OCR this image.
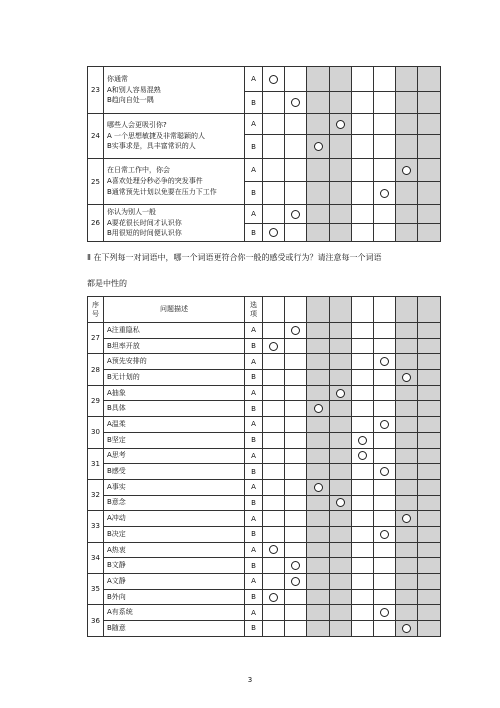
23	你通常
A和别人容易混熟
B趋向自处一隅	A								
		B								
24	哪些人会更吸引你?
A 一个思想敏捷及非常聪颖的人
B实事求是，具丰富常识的人	A								
		B								
25	在日常工作中，你会
A喜欢处理分秒必争的突发事件
B通常预先计划以免要在压力下工作	A								
		B								
26	你认为别人一般
A要花很长时间才认识你
B用很短的时间便认识你	A								
		B								
Ⅱ 在下列每一对词语中，哪一个词语更符合你一般的感受或行为？请注意每一个词语
都是中性的
序
号	问题描述	选
项								
27	A注重隐私	A								
	B坦率开放	B								
28	A预先安排的	A								
	B无计划的	B								
29	A抽象	A								
	B具体	B								
30	A温柔	A								
	B坚定	B								
31	A思考	A								
	B感受	B								
32	A事实	A								
	B意念	B								
33	A冲动	A								
	B决定	B								
34	A热衷	A								
	B文静	B								
35	A文静	A								
	B外向	B								
36	A有系统	A								
	B随意	B								
3
